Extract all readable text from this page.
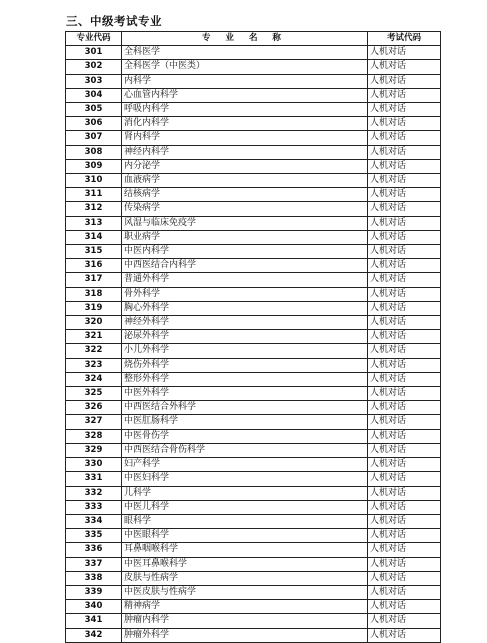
三、中级考试专业
专业代码	专 业 名 称	考试代码
301	全科医学	人机对话
302	全科医学（中医类）	人机对话
303	内科学	人机对话
304	心血管内科学	人机对话
305	呼吸内科学	人机对话
306	消化内科学	人机对话
307	肾内科学	人机对话
308	神经内科学	人机对话
309	内分泌学	人机对话
310	血液病学	人机对话
311	结核病学	人机对话
312	传染病学	人机对话
313	风湿与临床免疫学	人机对话
314	职业病学	人机对话
315	中医内科学	人机对话
316	中西医结合内科学	人机对话
317	普通外科学	人机对话
318	骨外科学	人机对话
319	胸心外科学	人机对话
320	神经外科学	人机对话
321	泌尿外科学	人机对话
322	小儿外科学	人机对话
323	烧伤外科学	人机对话
324	整形外科学	人机对话
325	中医外科学	人机对话
326	中西医结合外科学	人机对话
327	中医肛肠科学	人机对话
328	中医骨伤学	人机对话
329	中西医结合骨伤科学	人机对话
330	妇产科学	人机对话
331	中医妇科学	人机对话
332	儿科学	人机对话
333	中医儿科学	人机对话
334	眼科学	人机对话
335	中医眼科学	人机对话
336	耳鼻咽喉科学	人机对话
337	中医耳鼻喉科学	人机对话
338	皮肤与性病学	人机对话
339	中医皮肤与性病学	人机对话
340	精神病学	人机对话
341	肿瘤内科学	人机对话
342	肿瘤外科学	人机对话
